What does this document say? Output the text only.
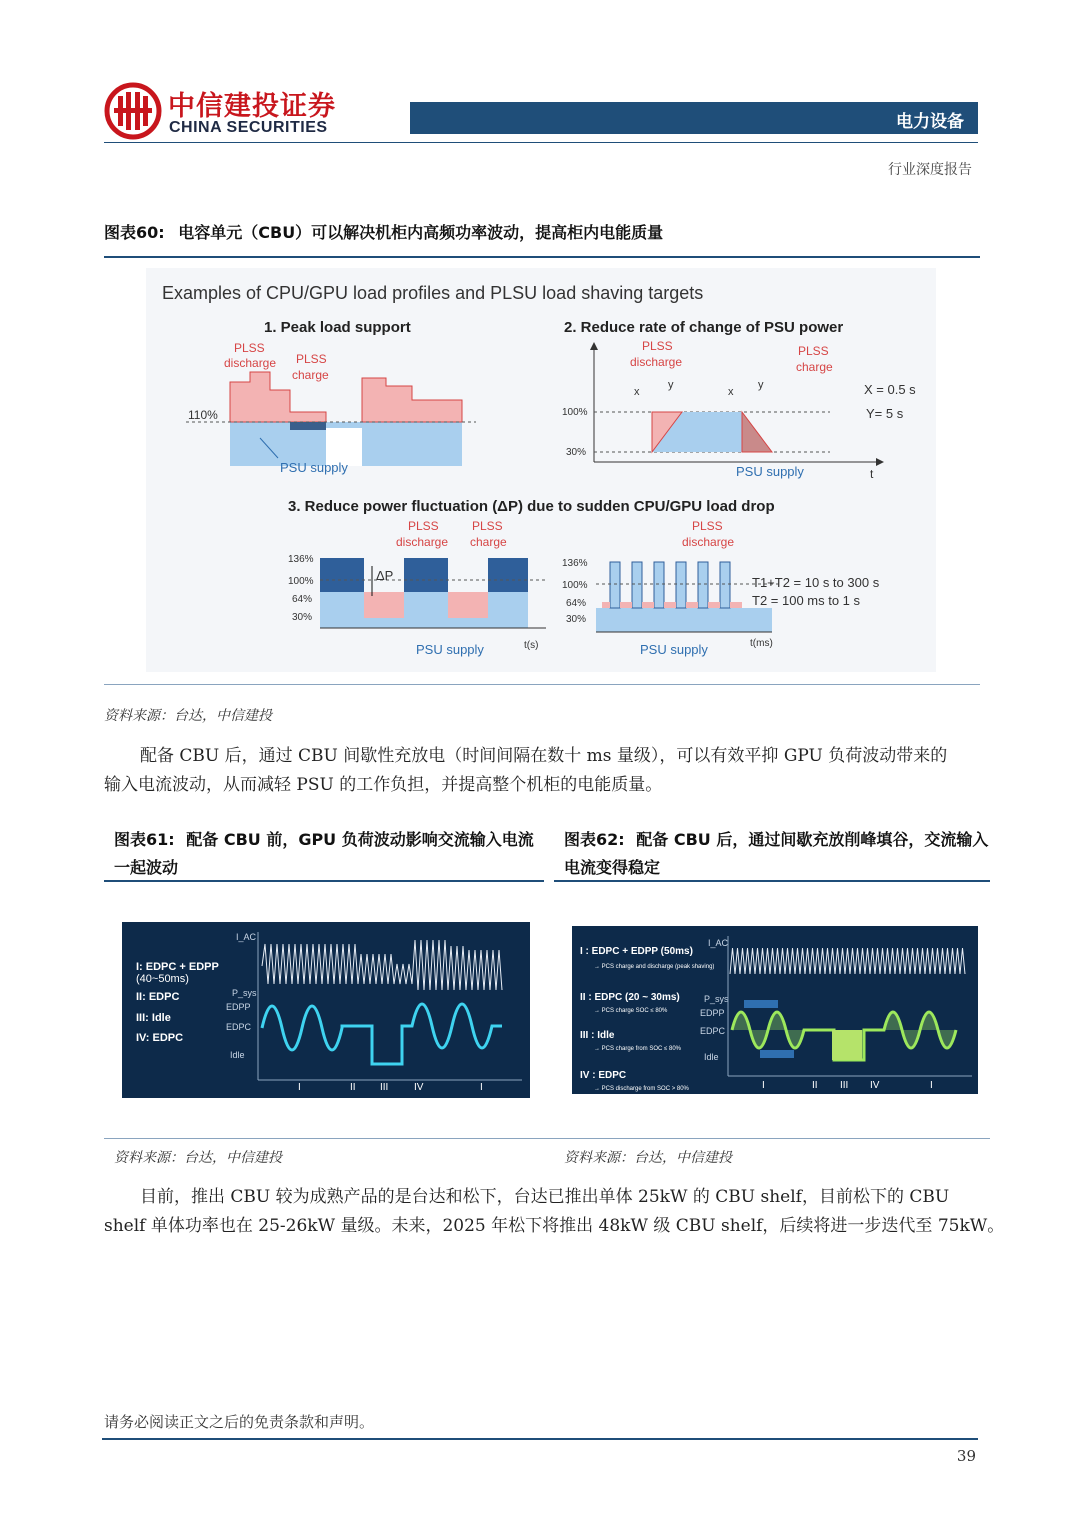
中信建投证券
CHINA SECURITIES	电力设备
行业深度报告
图表60: 电容单元（CBU）可以解决机柜内高频功率波动，提高柜内电能质量
Examples of CPU/GPU load profiles and PLSU load shaving targets
1. Peak load support
PLSS
discharge PLSS
charge
110%
PSU supply
2. Reduce rate of change of PSU power
PLSS
discharge
PLSS
charge
x
y
x
y
100%
30%
X = 0.5 s
Y= 5 s
t
PSU supply
3. Reduce power fluctuation (ΔP) due to sudden CPU/GPU load drop
136%
100%
64%
30%
ΔP
PLSS
discharge
PLSS
charge
t(s)
PSU supply
136%
100%
64%
30%
PLSS
discharge
t(ms)
PSU supply
T1+T2 = 10 s to 300 s
T2 = 100 ms to 1 s
资料来源：台达，中信建投
配备 CBU 后，通过 CBU 间歇性充放电（时间间隔在数十 ms 量级），可以有效平抑 GPU 负荷波动带来的
输入电流波动，从而减轻 PSU 的工作负担，并提高整个机柜的电能质量。
图表61: 配备 CBU 前，GPU 负荷波动影响交流输入电流
一起波动
I: EDPC + EDPP
(40~50ms)
II: EDPC
III: Idle
IV: EDPC
I_AC
P_sys
EDPP
EDPC
Idle
I	II III	IV	I
图表62: 配备 CBU 后，通过间歇充放削峰填谷，交流输入
电流变得稳定
I : EDPC + EDPP (50ms)
→ PCS charge and discharge (peak shaving)
II : EDPC (20 ~ 30ms)
→ PCS charge SOC ≤ 80%
III : Idle
→ PCS charge from SOC ≤ 80%
IV : EDPC
→ PCS discharge from SOC > 80%
I_AC
P_sys
EDPP
EDPC
Idle
I	II III IV	I
资料来源：台达，中信建投	资料来源：台达，中信建投
目前，推出 CBU 较为成熟产品的是台达和松下，台达已推出单体 25kW 的 CBU shelf，目前松下的 CBU
shelf 单体功率也在 25-26kW 量级。未来，2025 年松下将推出 48kW 级 CBU shelf，后续将进一步迭代至 75kW。
请务必阅读正文之后的免责条款和声明。
39
